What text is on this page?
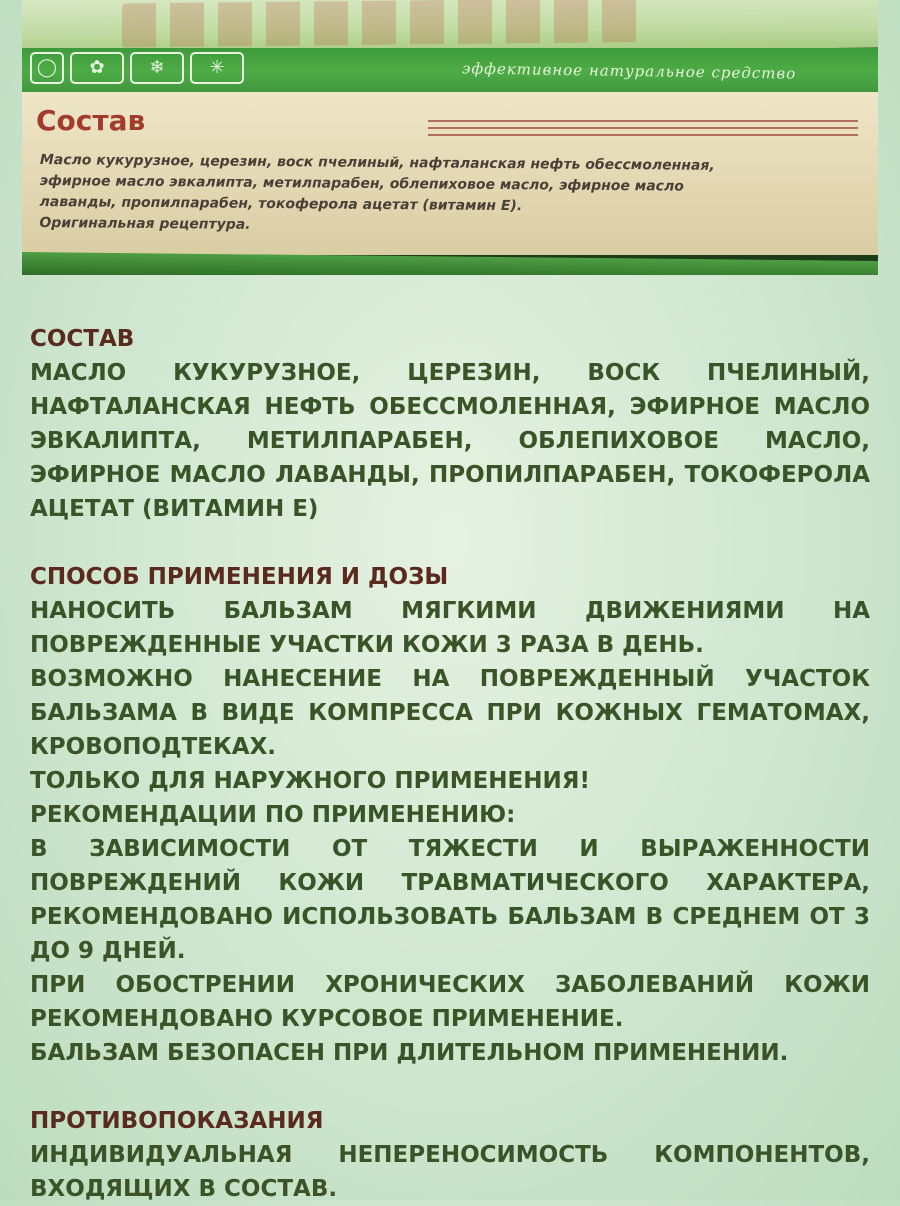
◯	✿	❄	✳	эффективное натуральное средство
Состав
Масло кукурузное, церезин, воск пчелиный, нафталанская нефть обессмоленная,
эфирное масло эвкалипта, метилпарабен, облепиховое масло, эфирное масло
лаванды, пропилпарабен, токоферола ацетат (витамин Е).
Оригинальная рецептура.
СОСТАВ

МАСЛО КУКУРУЗНОЕ, ЦЕРЕЗИН, ВОСК ПЧЕЛИНЫЙ, НАФТАЛАНСКАЯ НЕФТЬ ОБЕССМОЛЕННАЯ, ЭФИРНОЕ МАСЛО ЭВКАЛИПТА, МЕТИЛПАРАБЕН, ОБЛЕПИХОВОЕ МАСЛО, ЭФИРНОЕ МАСЛО ЛАВАНДЫ, ПРОПИЛПАРАБЕН, ТОКОФЕРОЛА АЦЕТАТ (ВИТАМИН Е)

СПОСОБ ПРИМЕНЕНИЯ И ДОЗЫ

НАНОСИТЬ БАЛЬЗАМ МЯГКИМИ ДВИЖЕНИЯМИ НА ПОВРЕЖДЕННЫЕ УЧАСТКИ КОЖИ 3 РАЗА В ДЕНЬ.

ВОЗМОЖНО НАНЕСЕНИЕ НА ПОВРЕЖДЕННЫЙ УЧАСТОК БАЛЬЗАМА В ВИДЕ КОМПРЕССА ПРИ КОЖНЫХ ГЕМАТОМАХ, КРОВОПОДТЕКАХ.

ТОЛЬКО ДЛЯ НАРУЖНОГО ПРИМЕНЕНИЯ!

РЕКОМЕНДАЦИИ ПО ПРИМЕНЕНИЮ:

В ЗАВИСИМОСТИ ОТ ТЯЖЕСТИ И ВЫРАЖЕННОСТИ ПОВРЕЖДЕНИЙ КОЖИ ТРАВМАТИЧЕСКОГО ХАРАКТЕРА, РЕКОМЕНДОВАНО ИСПОЛЬЗОВАТЬ БАЛЬЗАМ В СРЕДНЕМ ОТ 3 ДО 9 ДНЕЙ.

ПРИ ОБОСТРЕНИИ ХРОНИЧЕСКИХ ЗАБОЛЕВАНИЙ КОЖИ РЕКОМЕНДОВАНО КУРСОВОЕ ПРИМЕНЕНИЕ.

БАЛЬЗАМ БЕЗОПАСЕН ПРИ ДЛИТЕЛЬНОМ ПРИМЕНЕНИИ.

ПРОТИВОПОКАЗАНИЯ

ИНДИВИДУАЛЬНАЯ НЕПЕРЕНОСИМОСТЬ КОМПОНЕНТОВ, ВХОДЯЩИХ В СОСТАВ.
